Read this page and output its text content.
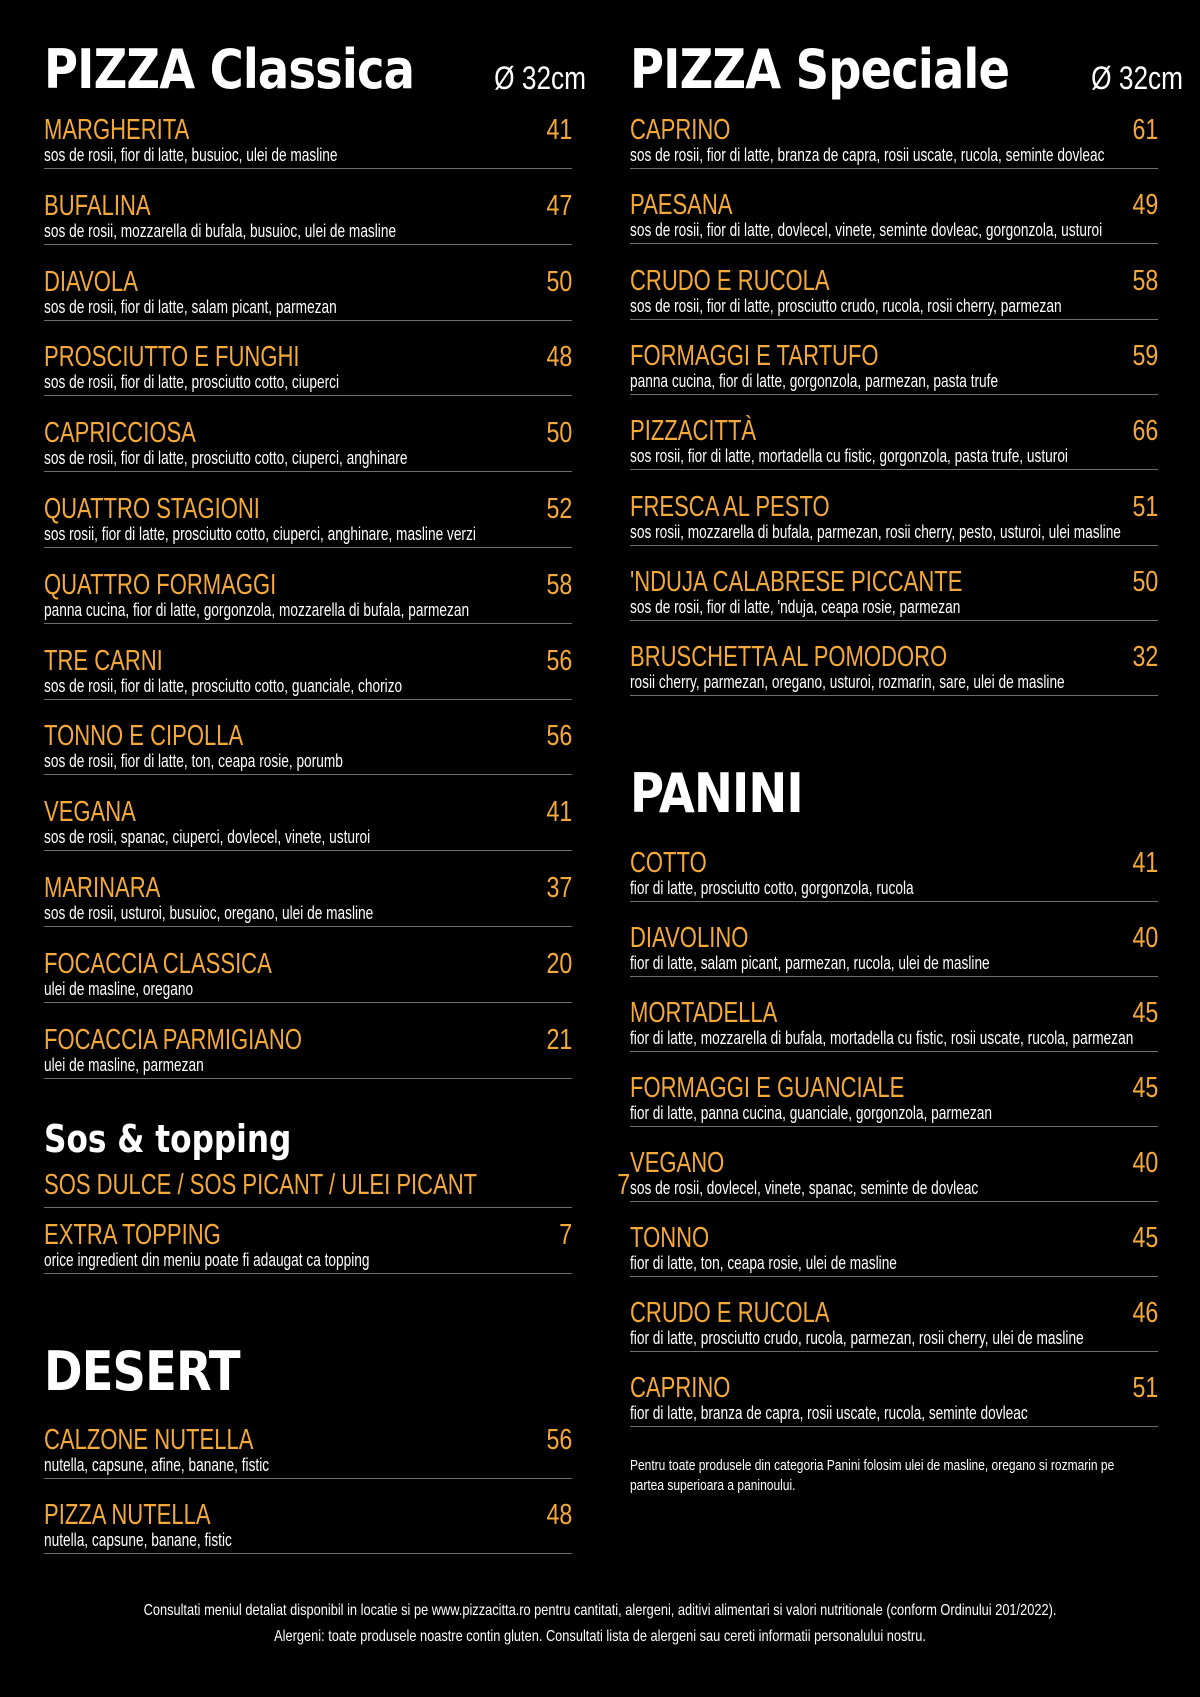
PIZZA Classica	Ø 32cm
MARGHERITA	41
sos de rosii, fior di latte, busuioc, ulei de masline
BUFALINA	47
sos de rosii, mozzarella di bufala, busuioc, ulei de masline
DIAVOLA	50
sos de rosii, fior di latte, salam picant, parmezan
PROSCIUTTO E FUNGHI	48
sos de rosii, fior di latte, prosciutto cotto, ciuperci
CAPRICCIOSA	50
sos de rosii, fior di latte, prosciutto cotto, ciuperci, anghinare
QUATTRO STAGIONI	52
sos rosii, fior di latte, prosciutto cotto, ciuperci, anghinare, masline verzi
QUATTRO FORMAGGI	58
panna cucina, fior di latte, gorgonzola, mozzarella di bufala, parmezan
TRE CARNI	56
sos de rosii, fior di latte, prosciutto cotto, guanciale, chorizo
TONNO E CIPOLLA	56
sos de rosii, fior di latte, ton, ceapa rosie, porumb
VEGANA	41
sos de rosii, spanac, ciuperci, dovlecel, vinete, usturoi
MARINARA	37
sos de rosii, usturoi, busuioc, oregano, ulei de masline
FOCACCIA CLASSICA	20
ulei de masline, oregano
FOCACCIA PARMIGIANO	21
ulei de masline, parmezan
Sos & topping
SOS DULCE / SOS PICANT / ULEI PICANT	7
EXTRA TOPPING	7
orice ingredient din meniu poate fi adaugat ca topping
DESERT
CALZONE NUTELLA	56
nutella, capsune, afine, banane, fistic
PIZZA NUTELLA	48
nutella, capsune, banane, fistic
PIZZA Speciale	Ø 32cm
CAPRINO	61
sos de rosii, fior di latte, branza de capra, rosii uscate, rucola, seminte dovleac
PAESANA	49
sos de rosii, fior di latte, dovlecel, vinete, seminte dovleac, gorgonzola, usturoi
CRUDO E RUCOLA	58
sos de rosii, fior di latte, prosciutto crudo, rucola, rosii cherry, parmezan
FORMAGGI E TARTUFO	59
panna cucina, fior di latte, gorgonzola, parmezan, pasta trufe
PIZZACITTÀ	66
sos rosii, fior di latte, mortadella cu fistic, gorgonzola, pasta trufe, usturoi
FRESCA AL PESTO	51
sos rosii, mozzarella di bufala, parmezan, rosii cherry, pesto, usturoi, ulei masline
'NDUJA CALABRESE PICCANTE	50
sos de rosii, fior di latte, 'nduja, ceapa rosie, parmezan
BRUSCHETTA AL POMODORO	32
rosii cherry, parmezan, oregano, usturoi, rozmarin, sare, ulei de masline
PANINI
COTTO	41
fior di latte, prosciutto cotto, gorgonzola, rucola
DIAVOLINO	40
fior di latte, salam picant, parmezan, rucola, ulei de masline
MORTADELLA	45
fior di latte, mozzarella di bufala, mortadella cu fistic, rosii uscate, rucola, parmezan
FORMAGGI E GUANCIALE	45
fior di latte, panna cucina, guanciale, gorgonzola, parmezan
VEGANO	40
sos de rosii, dovlecel, vinete, spanac, seminte de dovleac
TONNO	45
fior di latte, ton, ceapa rosie, ulei de masline
CRUDO E RUCOLA	46
fior di latte, prosciutto crudo, rucola, parmezan, rosii cherry, ulei de masline
CAPRINO	51
fior di latte, branza de capra, rosii uscate, rucola, seminte dovleac
Pentru toate produsele din categoria Panini folosim ulei de masline, oregano si rozmarin pe
partea superioara a paninoului.
Consultati meniul detaliat disponibil in locatie si pe www.pizzacitta.ro pentru cantitati, alergeni, aditivi alimentari si valori nutritionale (conform Ordinului 201/2022).
Alergeni: toate produsele noastre contin gluten. Consultati lista de alergeni sau cereti informatii personalului nostru.
